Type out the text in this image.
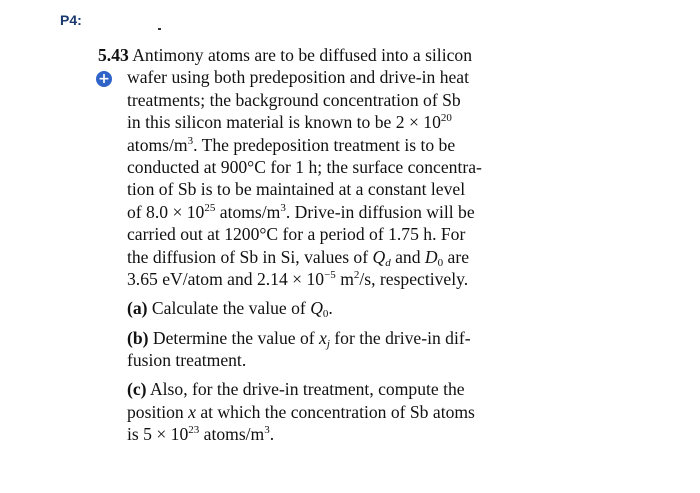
P4:
+
5.43 Antimony atoms are to be diffused into a silicon
wafer using both predeposition and drive-in heat
treatments; the background concentration of Sb
in this silicon material is known to be $2 \times 10^{20}$
atoms/$m^3$. The predeposition treatment is to be
conducted at 900°C for 1 h; the surface concentra-
tion of Sb is to be maintained at a constant level
of $8.0 \times 10^{25}$ atoms/$m^3$. Drive-in diffusion will be
carried out at 1200°C for a period of 1.75 h. For
the diffusion of Sb in Si, values of $Q_d$ and $D_0$ are
3.65 eV/atom and $2.14 \times 10^{-5}$ $m^2/s$, respectively.
(a) Calculate the value of $Q_0$.
(b) Determine the value of $x_j$ for the drive-in dif-
fusion treatment.
(c) Also, for the drive-in treatment, compute the
position x at which the concentration of Sb atoms
is $5 \times 10^{23}$ atoms/$m^3$.
